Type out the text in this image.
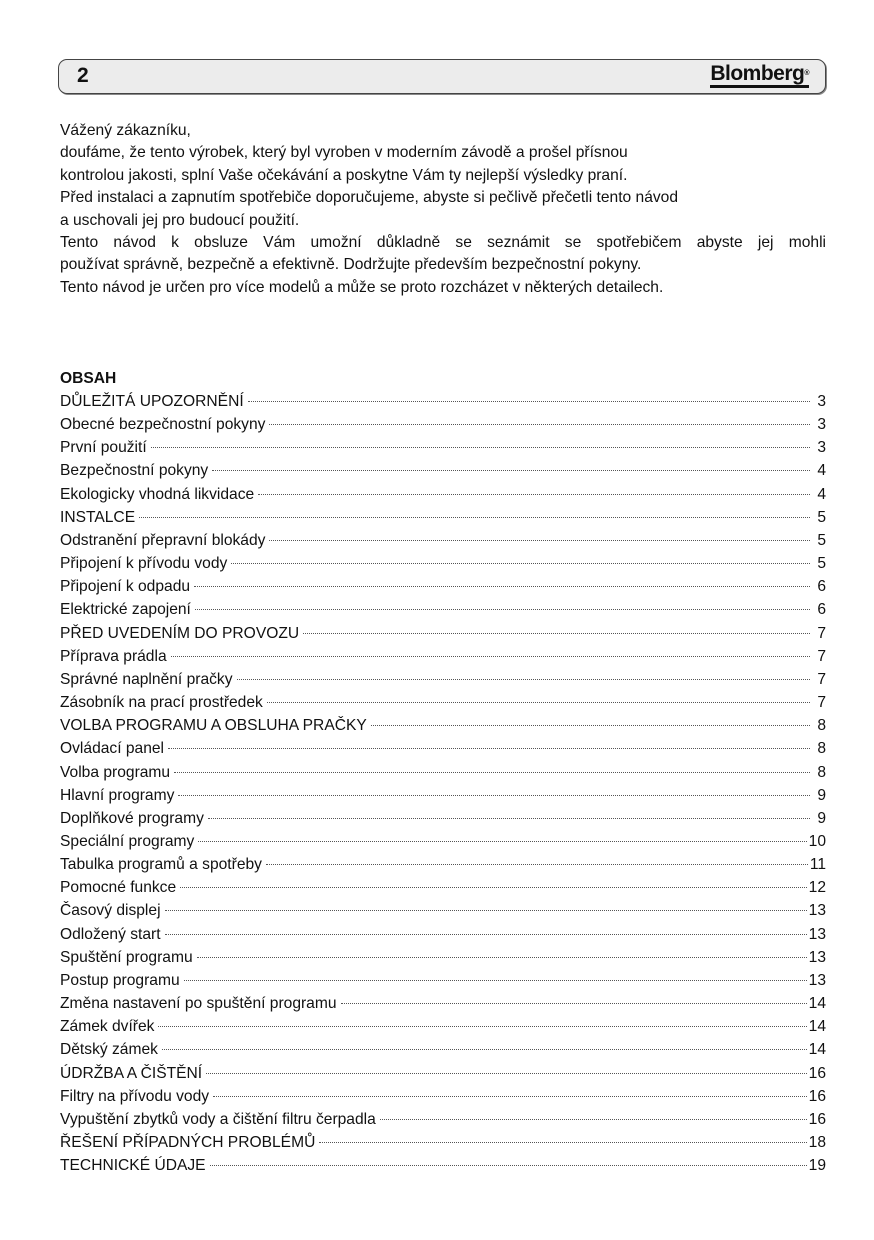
2	Blomberg®

Vážený zákazníku,

doufáme, že tento výrobek, který byl vyroben v moderním závodě a prošel přísnou

kontrolou jakosti, splní Vaše očekávání a poskytne Vám ty nejlepší výsledky praní.

Před instalaci a zapnutím spotřebiče doporučujeme, abyste si pečlivě přečetli tento návod

a uschovali jej pro budoucí použití.

Tento návod k obsluze Vám umožní důkladně se seznámit se spotřebičem abyste jej mohli

používat správně, bezpečně a efektivně. Dodržujte především bezpečnostní pokyny.

Tento návod je určen pro více modelů a může se proto rozcházet v některých detailech.

OBSAH
DŮLEŽITÁ UPOZORNĚNÍ	3
Obecné bezpečnostní pokyny	3
První použití	3
Bezpečnostní pokyny	4
Ekologicky vhodná likvidace	4
INSTALCE	5
Odstranění přepravní blokády	5
Připojení k přívodu vody	5
Připojení k odpadu	6
Elektrické zapojení	6
PŘED UVEDENÍM DO PROVOZU	7
Příprava prádla	7
Správné naplnění pračky	7
Zásobník na prací prostředek	7
VOLBA PROGRAMU A OBSLUHA PRAČKY	8
Ovládací panel	8
Volba programu	8
Hlavní programy	9
Doplňkové programy	9
Speciální programy	10
Tabulka programů a spotřeby	11
Pomocné funkce	12
Časový displej	13
Odložený start	13
Spuštění programu	13
Postup programu	13
Změna nastavení po spuštění programu	14
Zámek dvířek	14
Dětský zámek	14
ÚDRŽBA A ČIŠTĚNÍ	16
Filtry na přívodu vody	16
Vypuštění zbytků vody a čištění filtru čerpadla	16
ŘEŠENÍ PŘÍPADNÝCH PROBLÉMŮ	18
TECHNICKÉ ÚDAJE	19
